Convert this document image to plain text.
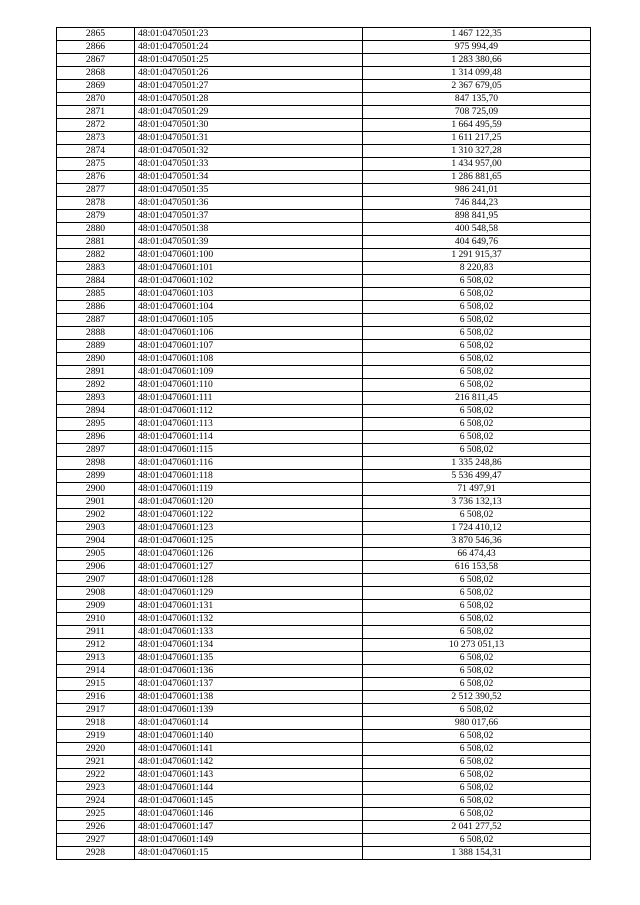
2865	48:01:0470501:23	1 467 122,35
2866	48:01:0470501:24	975 994,49
2867	48:01:0470501:25	1 283 380,66
2868	48:01:0470501:26	1 314 099,48
2869	48:01:0470501:27	2 367 679,05
2870	48:01:0470501:28	847 135,70
2871	48:01:0470501:29	708 725,09
2872	48:01:0470501:30	1 664 495,59
2873	48:01:0470501:31	1 611 217,25
2874	48:01:0470501:32	1 310 327,28
2875	48:01:0470501:33	1 434 957,00
2876	48:01:0470501:34	1 286 881,65
2877	48:01:0470501:35	986 241,01
2878	48:01:0470501:36	746 844,23
2879	48:01:0470501:37	898 841,95
2880	48:01:0470501:38	400 548,58
2881	48:01:0470501:39	404 649,76
2882	48:01:0470601:100	1 291 915,37
2883	48:01:0470601:101	8 220,83
2884	48:01:0470601:102	6 508,02
2885	48:01:0470601:103	6 508,02
2886	48:01:0470601:104	6 508,02
2887	48:01:0470601:105	6 508,02
2888	48:01:0470601:106	6 508,02
2889	48:01:0470601:107	6 508,02
2890	48:01:0470601:108	6 508,02
2891	48:01:0470601:109	6 508,02
2892	48:01:0470601:110	6 508,02
2893	48:01:0470601:111	216 811,45
2894	48:01:0470601:112	6 508,02
2895	48:01:0470601:113	6 508,02
2896	48:01:0470601:114	6 508,02
2897	48:01:0470601:115	6 508,02
2898	48:01:0470601:116	1 335 248,86
2899	48:01:0470601:118	5 536 499,47
2900	48:01:0470601:119	71 497,91
2901	48:01:0470601:120	3 736 132,13
2902	48:01:0470601:122	6 508,02
2903	48:01:0470601:123	1 724 410,12
2904	48:01:0470601:125	3 870 546,36
2905	48:01:0470601:126	66 474,43
2906	48:01:0470601:127	616 153,58
2907	48:01:0470601:128	6 508,02
2908	48:01:0470601:129	6 508,02
2909	48:01:0470601:131	6 508,02
2910	48:01:0470601:132	6 508,02
2911	48:01:0470601:133	6 508,02
2912	48:01:0470601:134	10 273 051,13
2913	48:01:0470601:135	6 508,02
2914	48:01:0470601:136	6 508,02
2915	48:01:0470601:137	6 508,02
2916	48:01:0470601:138	2 512 390,52
2917	48:01:0470601:139	6 508,02
2918	48:01:0470601:14	980 017,66
2919	48:01:0470601:140	6 508,02
2920	48:01:0470601:141	6 508,02
2921	48:01:0470601:142	6 508,02
2922	48:01:0470601:143	6 508,02
2923	48:01:0470601:144	6 508,02
2924	48:01:0470601:145	6 508,02
2925	48:01:0470601:146	6 508,02
2926	48:01:0470601:147	2 041 277,52
2927	48:01:0470601:149	6 508,02
2928	48:01:0470601:15	1 388 154,31
